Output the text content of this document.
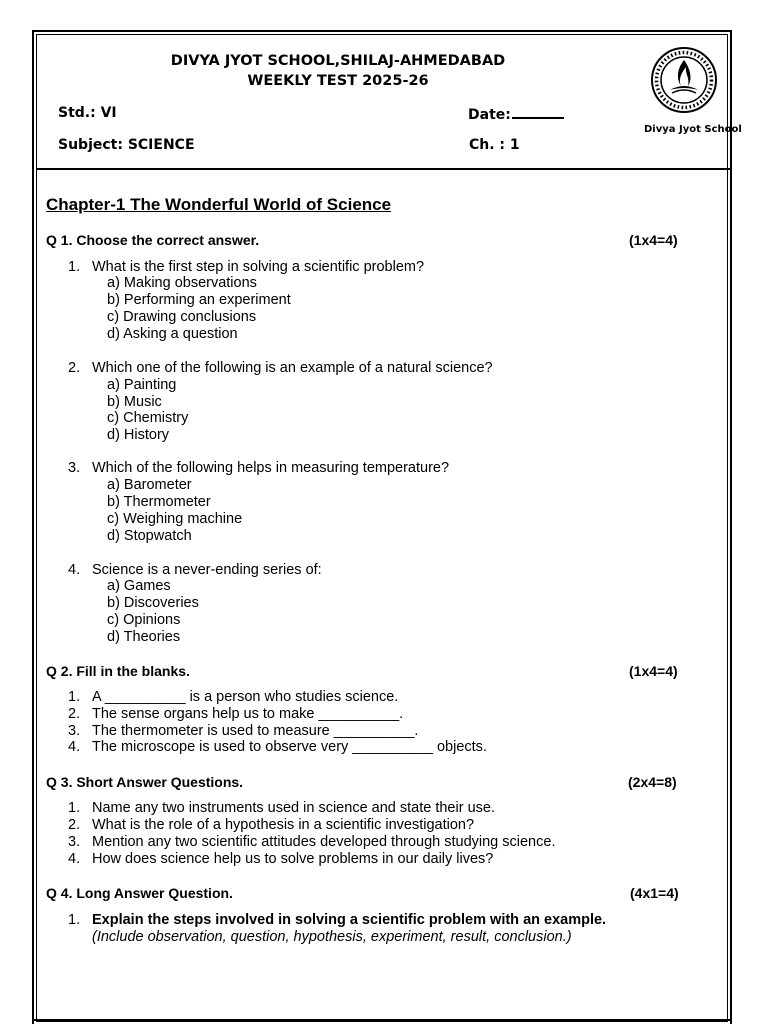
DIVYA JYOT SCHOOL,SHILAJ-AHMEDABAD
WEEKLY TEST 2025-26
Std.: VI	Date:
Subject: SCIENCE	Ch. : 1
Divya Jyot School
Chapter-1 The Wonderful World of Science
Q 1. Choose the correct answer.	(1x4=4)
1. What is the first step in solving a scientific problem?
a) Making observations
b) Performing an experiment
c) Drawing conclusions
d) Asking a question
2. Which one of the following is an example of a natural science?
a) Painting
b) Music
c) Chemistry
d) History
3. Which of the following helps in measuring temperature?
a) Barometer
b) Thermometer
c) Weighing machine
d) Stopwatch
4. Science is a never-ending series of:
a) Games
b) Discoveries
c) Opinions
d) Theories
Q 2. Fill in the blanks.	(1x4=4)
1. A __________ is a person who studies science.
2. The sense organs help us to make __________.
3. The thermometer is used to measure __________.
4. The microscope is used to observe very __________ objects.
Q 3. Short Answer Questions.	(2x4=8)
1. Name any two instruments used in science and state their use.
2. What is the role of a hypothesis in a scientific investigation?
3. Mention any two scientific attitudes developed through studying science.
4. How does science help us to solve problems in our daily lives?
Q 4. Long Answer Question.	(4x1=4)
1. Explain the steps involved in solving a scientific problem with an example.
(Include observation, question, hypothesis, experiment, result, conclusion.)
